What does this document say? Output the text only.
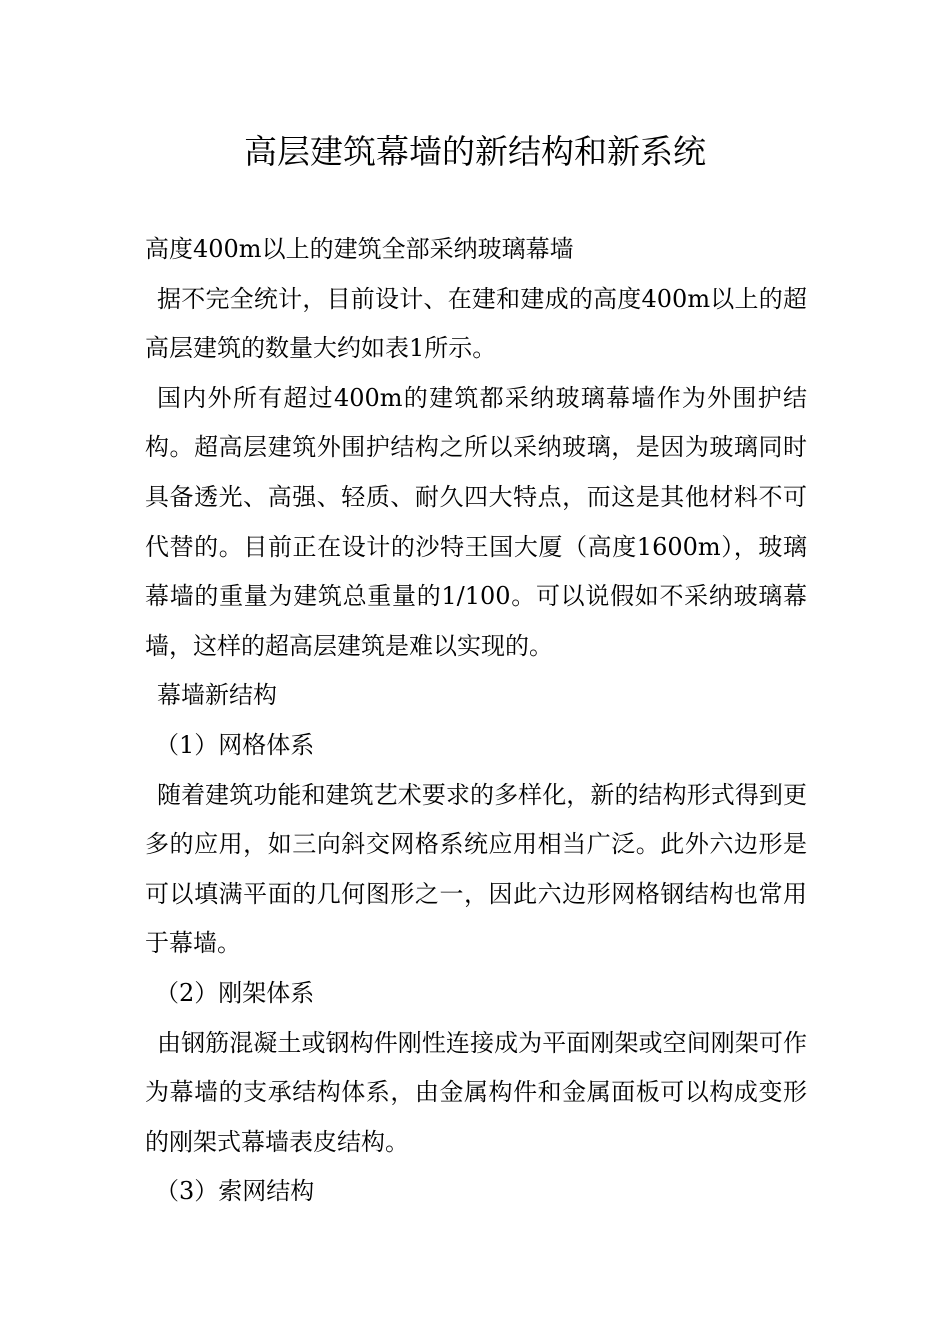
高层建筑幕墙的新结构和新系统

高度400m以上的建筑全部采纳玻璃幕墙

据不完全统计，目前设计、在建和建成的高度400m以上的超高层建筑的数量大约如表1所示。

国内外所有超过400m的建筑都采纳玻璃幕墙作为外围护结构。超高层建筑外围护结构之所以采纳玻璃，是因为玻璃同时具备透光、高强、轻质、耐久四大特点，而这是其他材料不可代替的。目前正在设计的沙特王国大厦（高度1600m），玻璃幕墙的重量为建筑总重量的1/100。可以说假如不采纳玻璃幕墙，这样的超高层建筑是难以实现的。

幕墙新结构

（1）网格体系

随着建筑功能和建筑艺术要求的多样化，新的结构形式得到更多的应用，如三向斜交网格系统应用相当广泛。此外六边形是可以填满平面的几何图形之一，因此六边形网格钢结构也常用于幕墙。

（2）刚架体系

由钢筋混凝土或钢构件刚性连接成为平面刚架或空间刚架可作为幕墙的支承结构体系，由金属构件和金属面板可以构成变形的刚架式幕墙表皮结构。

（3）索网结构
